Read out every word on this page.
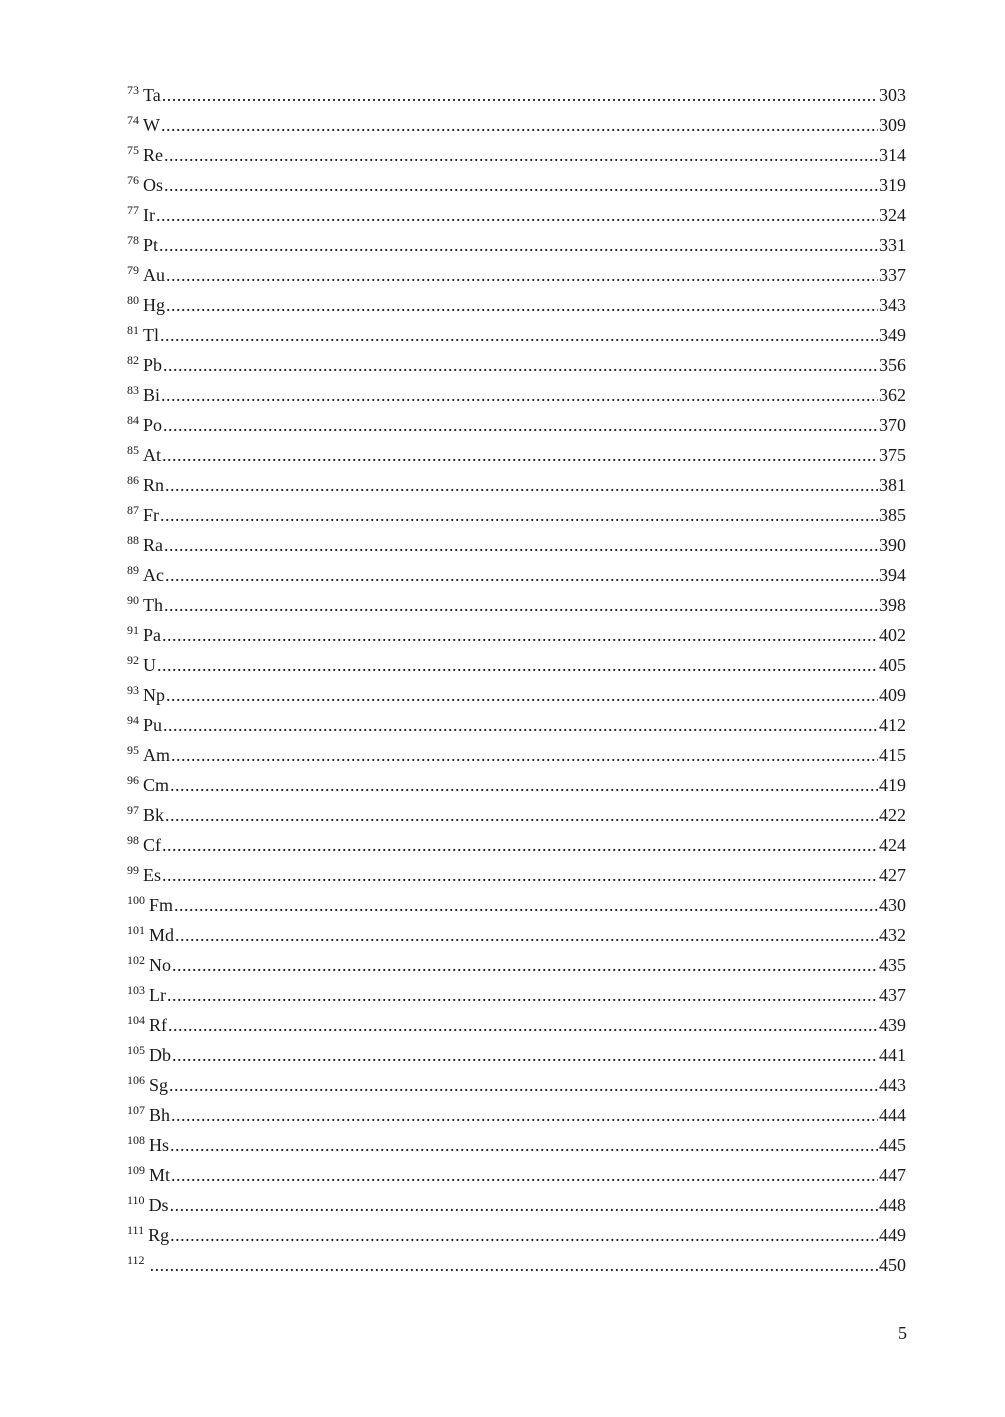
$^{73}$ Ta .....	303
$^{74}$ W .....	309
$^{75}$ Re .....	314
$^{76}$ Os .....	319
$^{77}$ Ir .....	324
$^{78}$ Pt .....	331
$^{79}$ Au .....	337
$^{80}$ Hg .....	343
$^{81}$ Tl .....	349
$^{82}$ Pb .....	356
$^{83}$ Bi .....	362
$^{84}$ Po .....	370
$^{85}$ At .....	375
$^{86}$ Rn .....	381
$^{87}$ Fr .....	385
$^{88}$ Ra .....	390
$^{89}$ Ac .....	394
$^{90}$ Th .....	398
$^{91}$ Pa .....	402
$^{92}$ U .....	405
$^{93}$ Np .....	409
$^{94}$ Pu .....	412
$^{95}$ Am .....	415
$^{96}$ Cm .....	419
$^{97}$ Bk .....	422
$^{98}$ Cf .....	424
$^{99}$ Es .....	427
$^{100}$ Fm .....	430
$^{101}$ Md .....	432
$^{102}$ No .....	435
$^{103}$ Lr .....	437
$^{104}$ Rf .....	439
$^{105}$ Db .....	441
$^{106}$ Sg .....	443
$^{107}$ Bh .....	444
$^{108}$ Hs .....	445
$^{109}$ Mt .....	447
$^{110}$ Ds .....	448
$^{111}$ Rg .....	449
$^{112}$ .....	450
5
